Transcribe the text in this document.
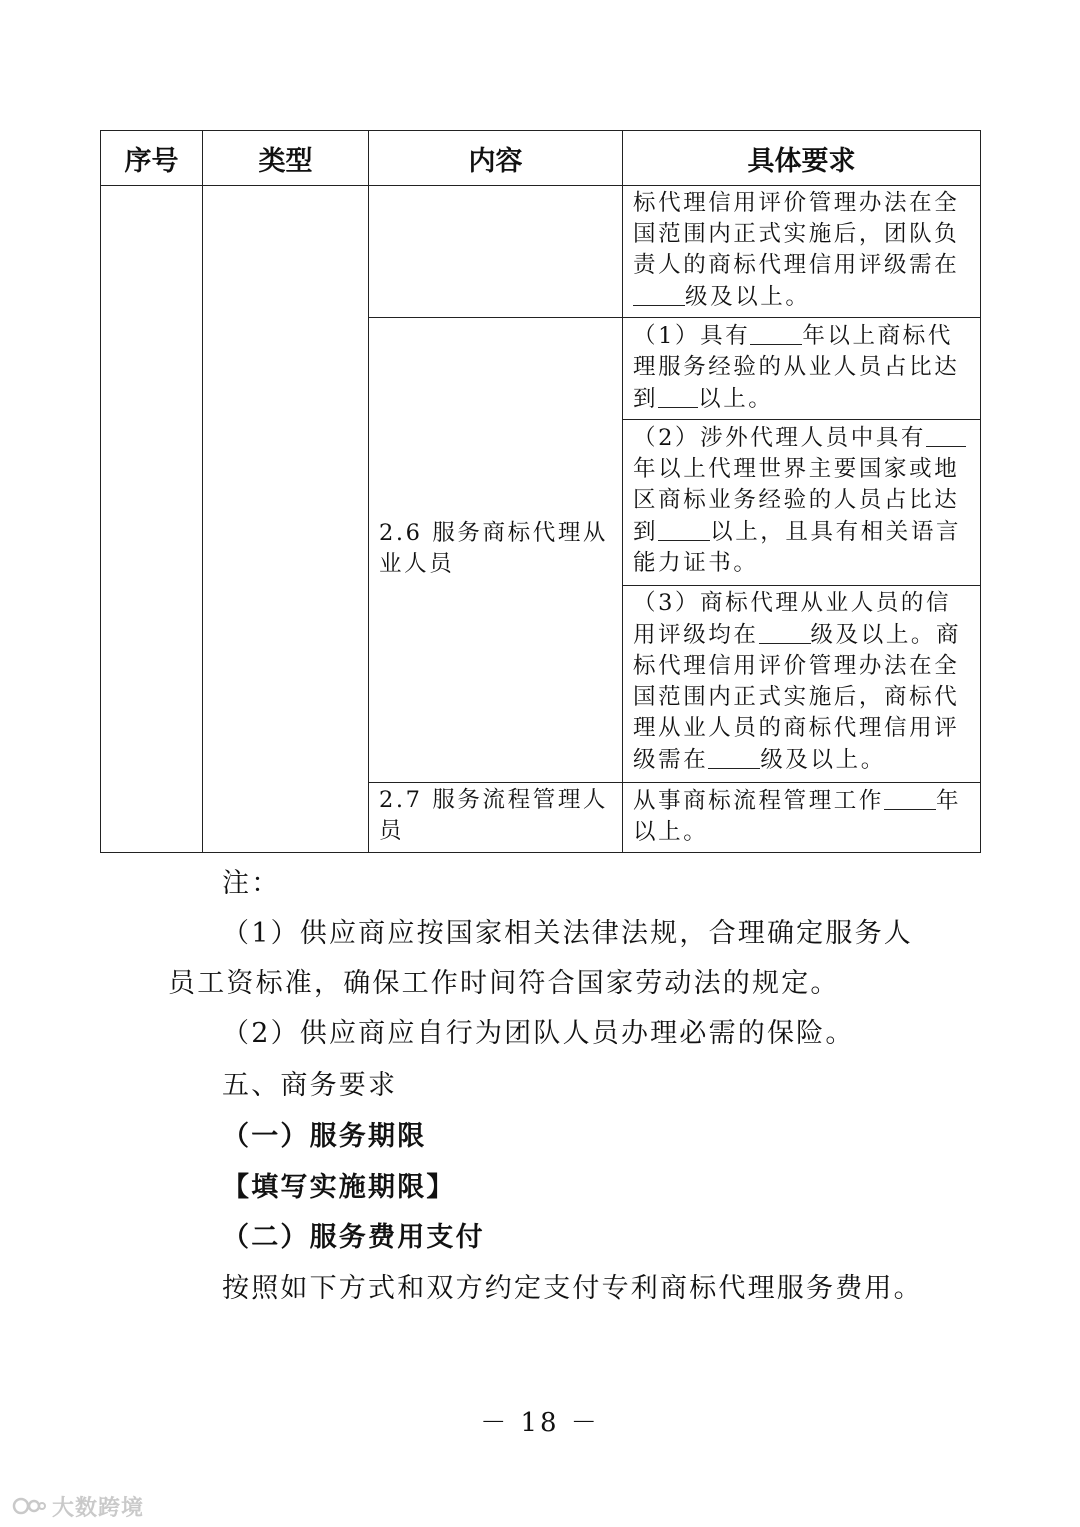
序号	类型	内容	具体要求

			标代理信用评价管理办法在全国范围内正式实施后，团队负责人的商标代理信用评级需在
级及以上。

		2.6 服务商标代理从业人员	（1）具有 年以上商标代理服务经验的从业人员占比达到 以上。

			（2）涉外代理人员中具有年以上代理世界主要国家或地区商标业务经验的人员占比达到 以上，且具有相关语言能力证书。

			（3）商标代理从业人员的信用评级均在 级及以上。商标代理信用评价管理办法在全国范围内正式实施后，商标代理从业人员的商标代理信用评级需在 级及以上。

		2.7 服务流程管理人员	从事商标流程管理工作 年以上。
注：
（1）供应商应按国家相关法律法规，合理确定服务人
员工资标准，确保工作时间符合国家劳动法的规定。
（2）供应商应自行为团队人员办理必需的保险。
五、商务要求
（一）服务期限
【填写实施期限】
（二）服务费用支付
按照如下方式和双方约定支付专利商标代理服务费用。
－ 18 －
大数跨境
